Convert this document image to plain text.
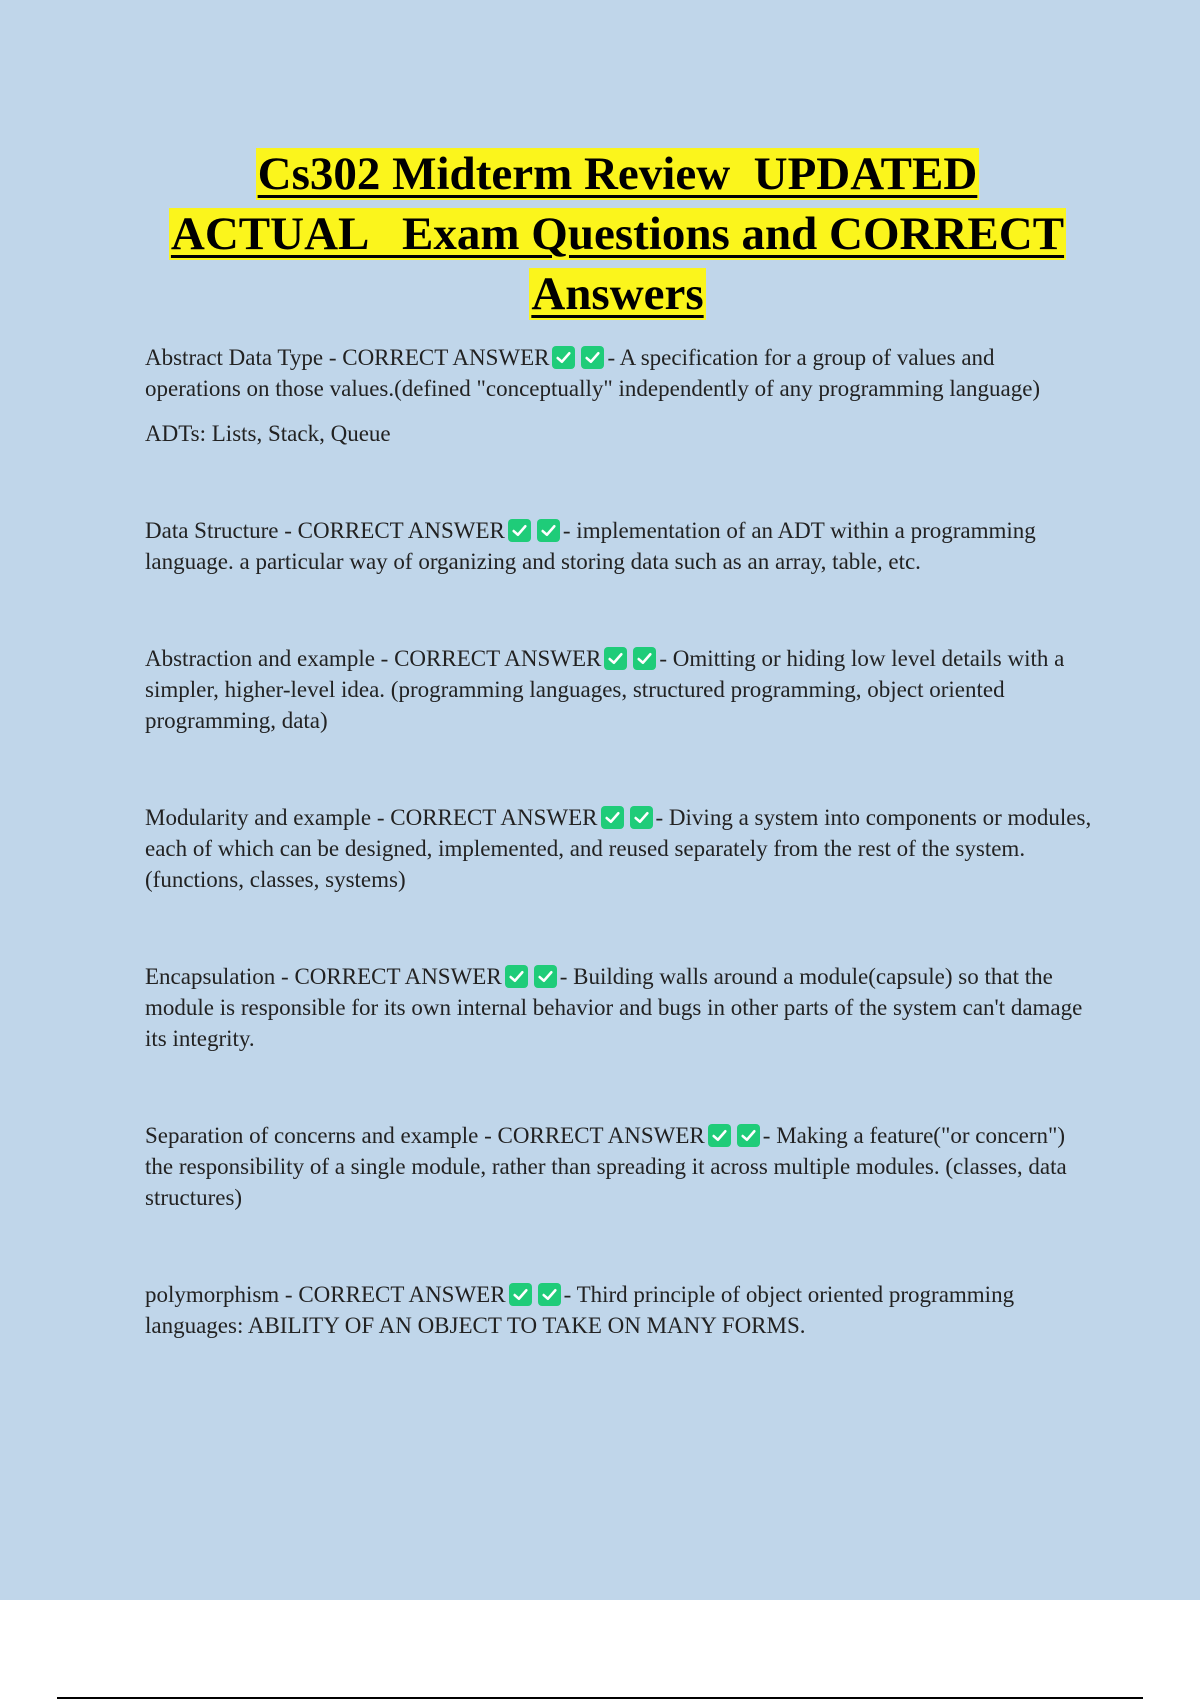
Cs302 Midterm Review  UPDATED
ACTUAL   Exam Questions and CORRECT
Answers
Abstract Data Type - CORRECT ANSWER	- A specification for a group of values and operations on those values.(defined "conceptually" independently of any programming language)
ADTs: Lists, Stack, Queue
Data Structure - CORRECT ANSWER	- implementation of an ADT within a programming language. a particular way of organizing and storing data such as an array, table, etc.
Abstraction and example - CORRECT ANSWER	- Omitting or hiding low level details with a simpler, higher-level idea. (programming languages, structured programming, object oriented programming, data)
Modularity and example - CORRECT ANSWER	- Diving a system into components or modules, each of which can be designed, implemented, and reused separately from the rest of the system. (functions, classes, systems)
Encapsulation - CORRECT ANSWER	- Building walls around a module(capsule) so that the module is responsible for its own internal behavior and bugs in other parts of the system can't damage its integrity.
Separation of concerns and example - CORRECT ANSWER	- Making a feature("or concern") the responsibility of a single module, rather than spreading it across multiple modules. (classes, data structures)
polymorphism - CORRECT ANSWER	- Third principle of object oriented programming languages: ABILITY OF AN OBJECT TO TAKE ON MANY FORMS.
